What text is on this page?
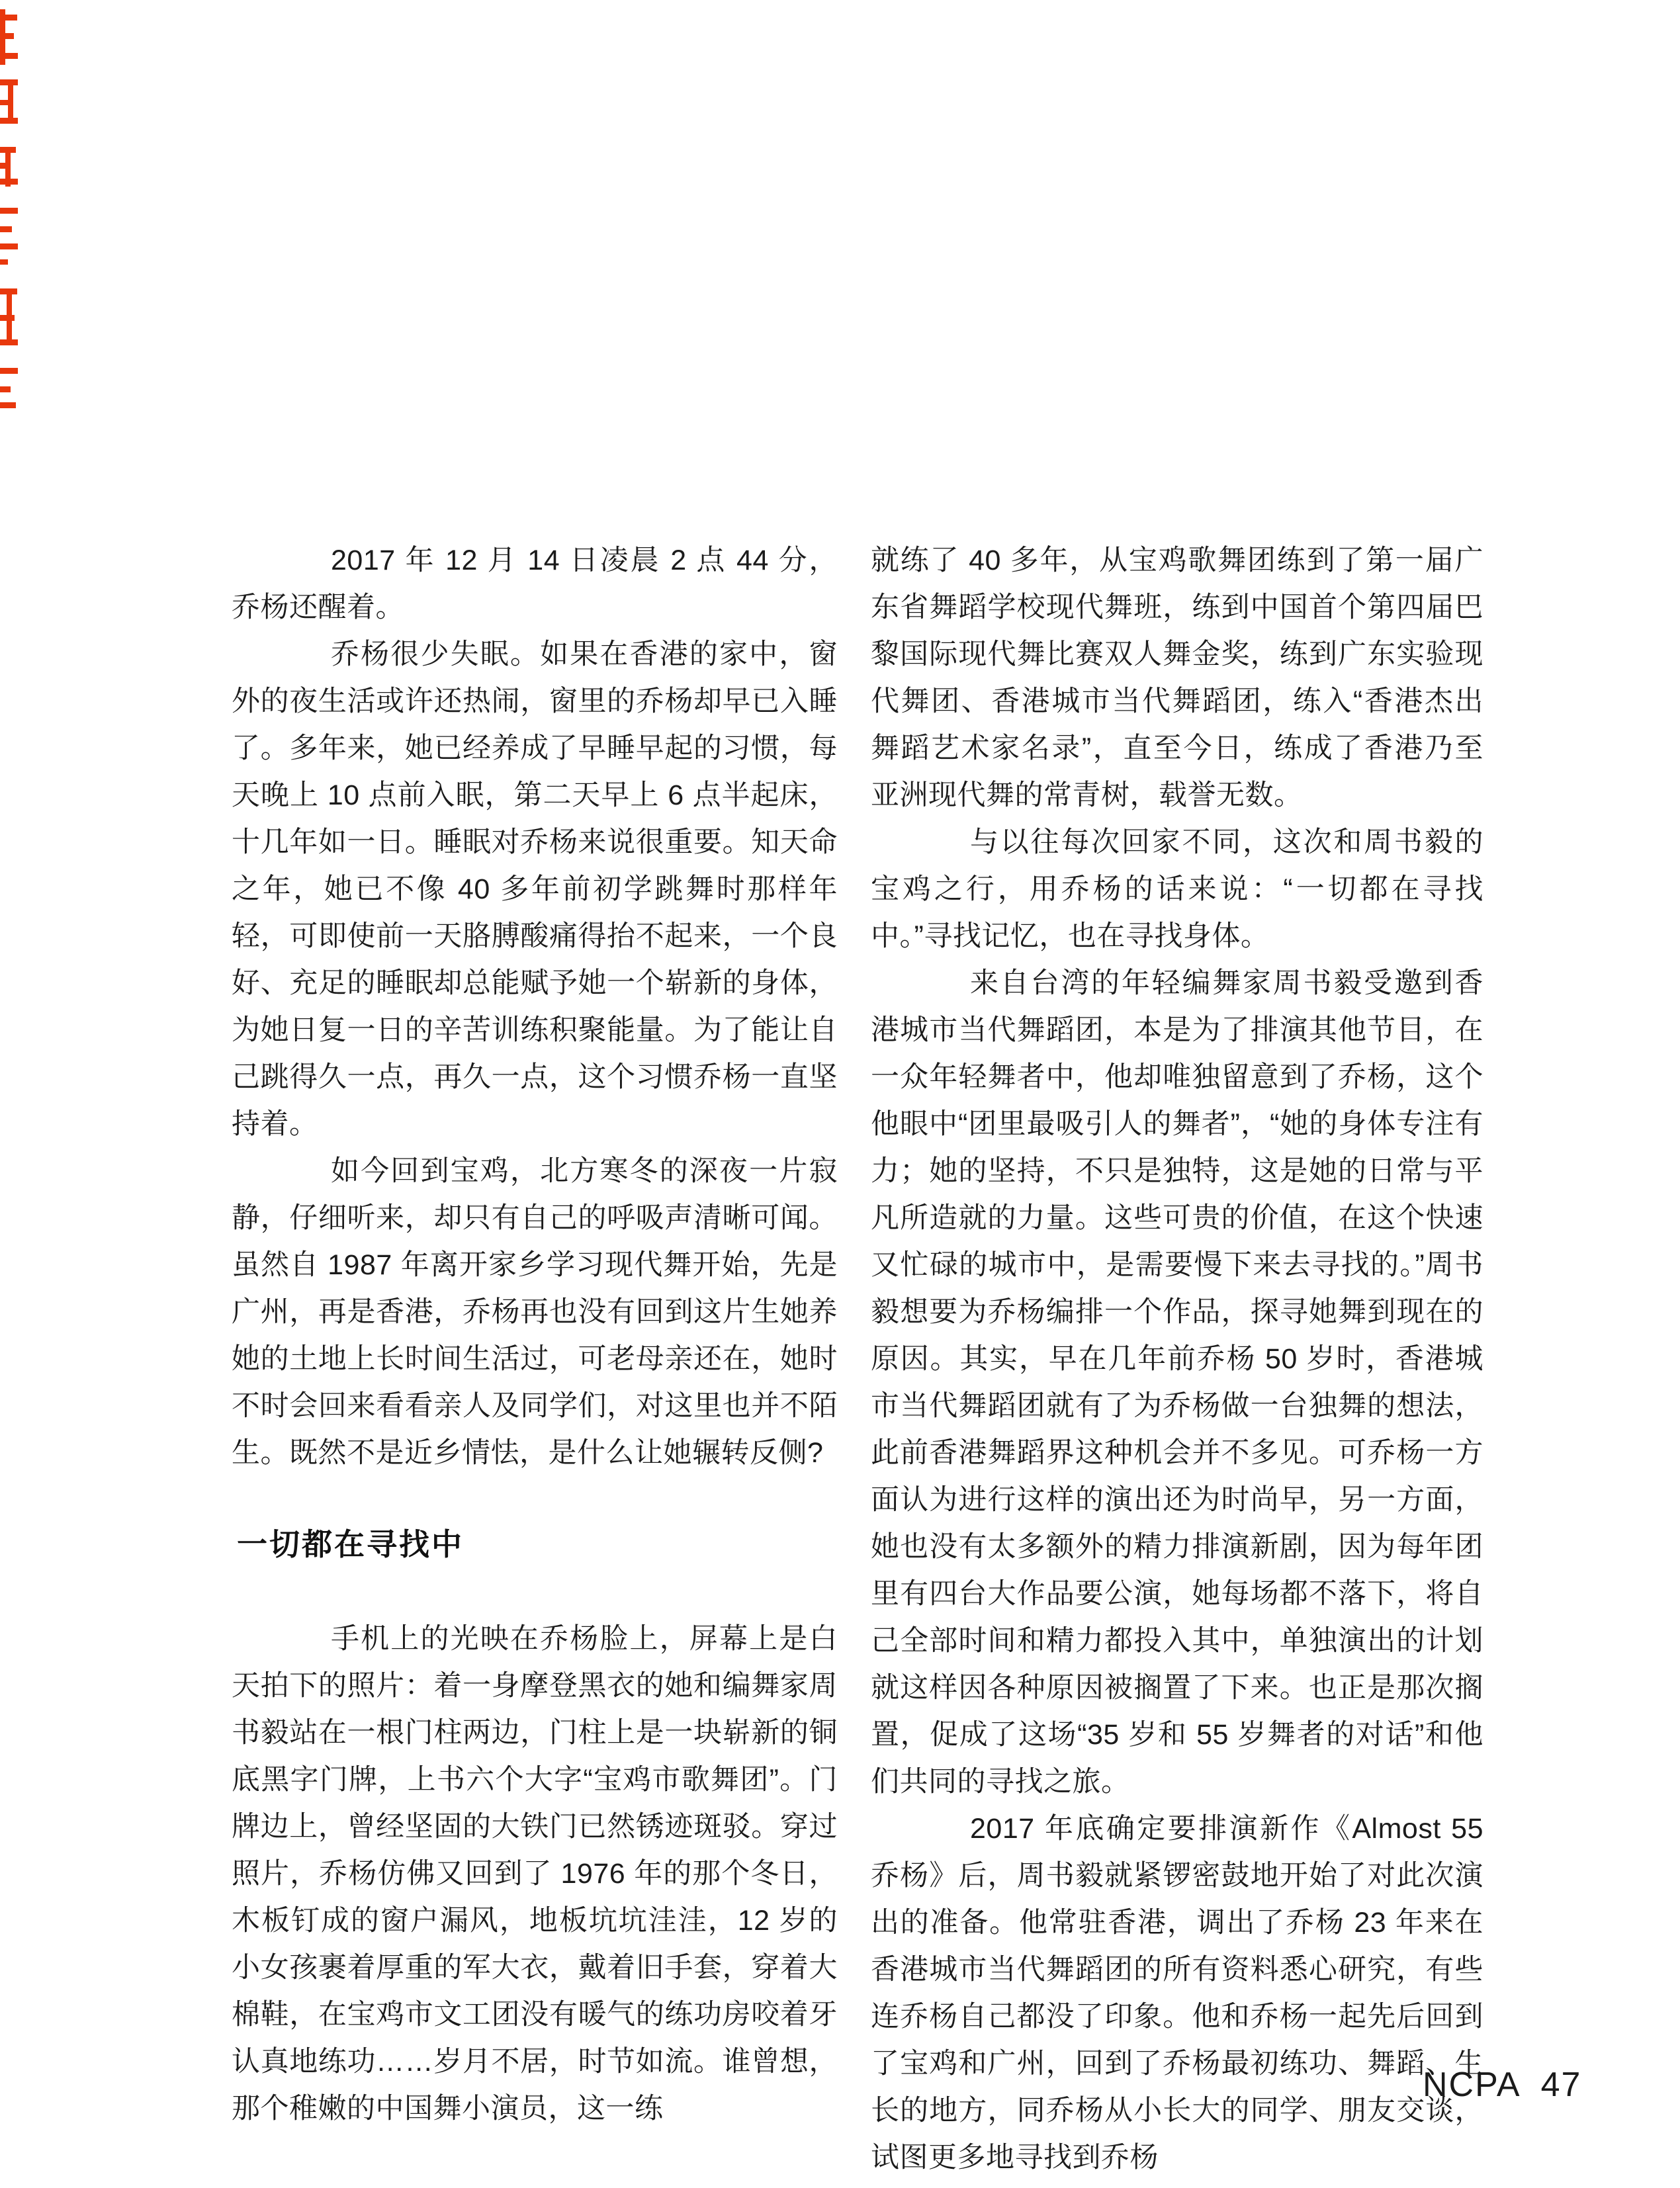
2017 年 12 月 14 日凌晨 2 点 44 分，乔杨还醒着。

乔杨很少失眠。如果在香港的家中，窗外的夜生活或许还热闹，窗里的乔杨却早已入睡了。多年来，她已经养成了早睡早起的习惯，每天晚上 10 点前入眠，第二天早上 6 点半起床，十几年如一日。睡眠对乔杨来说很重要。知天命之年，她已不像 40 多年前初学跳舞时那样年轻，可即使前一天胳膊酸痛得抬不起来，一个良好、充足的睡眠却总能赋予她一个崭新的身体，为她日复一日的辛苦训练积聚能量。为了能让自己跳得久一点，再久一点，这个习惯乔杨一直坚持着。

如今回到宝鸡，北方寒冬的深夜一片寂静，仔细听来，却只有自己的呼吸声清晰可闻。虽然自 1987 年离开家乡学习现代舞开始，先是广州，再是香港，乔杨再也没有回到这片生她养她的土地上长时间生活过，可老母亲还在，她时不时会回来看看亲人及同学们，对这里也并不陌生。既然不是近乡情怯，是什么让她辗转反侧?

一切都在寻找中

手机上的光映在乔杨脸上，屏幕上是白天拍下的照片：着一身摩登黑衣的她和编舞家周书毅站在一根门柱两边，门柱上是一块崭新的铜底黑字门牌，上书六个大字“宝鸡市歌舞团”。门牌边上，曾经坚固的大铁门已然锈迹斑驳。穿过照片，乔杨仿佛又回到了 1976 年的那个冬日，木板钉成的窗户漏风，地板坑坑洼洼，12 岁的小女孩裹着厚重的军大衣，戴着旧手套，穿着大棉鞋，在宝鸡市文工团没有暖气的练功房咬着牙认真地练功……岁月不居，时节如流。谁曾想，那个稚嫩的中国舞小演员，这一练

就练了 40 多年，从宝鸡歌舞团练到了第一届广东省舞蹈学校现代舞班，练到中国首个第四届巴黎国际现代舞比赛双人舞金奖，练到广东实验现代舞团、香港城市当代舞蹈团，练入“香港杰出舞蹈艺术家名录”，直至今日，练成了香港乃至亚洲现代舞的常青树，载誉无数。

与以往每次回家不同，这次和周书毅的宝鸡之行，用乔杨的话来说：“一切都在寻找中。”寻找记忆，也在寻找身体。

来自台湾的年轻编舞家周书毅受邀到香港城市当代舞蹈团，本是为了排演其他节目，在一众年轻舞者中，他却唯独留意到了乔杨，这个他眼中“团里最吸引人的舞者”，“她的身体专注有力；她的坚持，不只是独特，这是她的日常与平凡所造就的力量。这些可贵的价值，在这个快速又忙碌的城市中，是需要慢下来去寻找的。”周书毅想要为乔杨编排一个作品，探寻她舞到现在的原因。其实，早在几年前乔杨 50 岁时，香港城市当代舞蹈团就有了为乔杨做一台独舞的想法，此前香港舞蹈界这种机会并不多见。可乔杨一方面认为进行这样的演出还为时尚早，另一方面，她也没有太多额外的精力排演新剧，因为每年团里有四台大作品要公演，她每场都不落下，将自己全部时间和精力都投入其中，单独演出的计划就这样因各种原因被搁置了下来。也正是那次搁置，促成了这场“35 岁和 55 岁舞者的对话”和他们共同的寻找之旅。

2017 年底确定要排演新作《Almost 55 乔杨》后，周书毅就紧锣密鼓地开始了对此次演出的准备。他常驻香港，调出了乔杨 23 年来在香港城市当代舞蹈团的所有资料悉心研究，有些连乔杨自己都没了印象。他和乔杨一起先后回到了宝鸡和广州，回到了乔杨最初练功、舞蹈、生长的地方，同乔杨从小长大的同学、朋友交谈，试图更多地寻找到乔杨

NCPA 47
